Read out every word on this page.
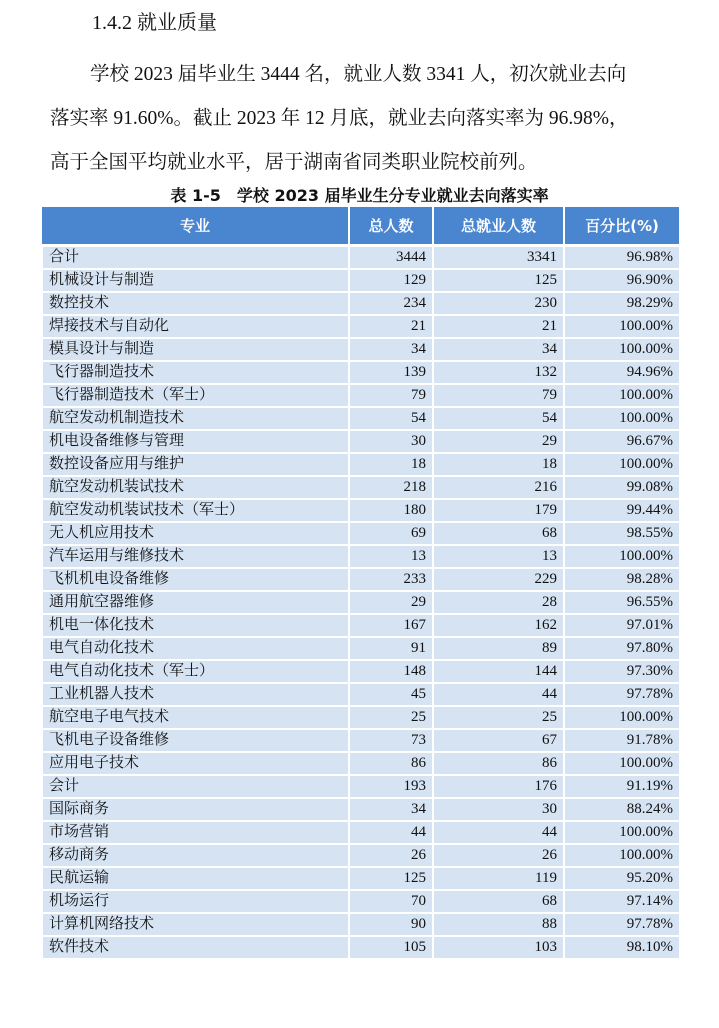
1.4.2 就业质量

学校 2023 届毕业生 3444 名，就业人数 3341 人，初次就业去向

落实率 91.60%。截止 2023 年 12 月底，就业去向落实率为 96.98%，

高于全国平均就业水平，居于湖南省同类职业院校前列。

表 1-5　学校 2023 届毕业生分专业就业去向落实率
专业	总人数	总就业人数	百分比(%)
合计	3444	3341	96.98%
机械设计与制造	129	125	96.90%
数控技术	234	230	98.29%
焊接技术与自动化	21	21	100.00%
模具设计与制造	34	34	100.00%
飞行器制造技术	139	132	94.96%
飞行器制造技术（军士）	79	79	100.00%
航空发动机制造技术	54	54	100.00%
机电设备维修与管理	30	29	96.67%
数控设备应用与维护	18	18	100.00%
航空发动机装试技术	218	216	99.08%
航空发动机装试技术（军士）	180	179	99.44%
无人机应用技术	69	68	98.55%
汽车运用与维修技术	13	13	100.00%
飞机机电设备维修	233	229	98.28%
通用航空器维修	29	28	96.55%
机电一体化技术	167	162	97.01%
电气自动化技术	91	89	97.80%
电气自动化技术（军士）	148	144	97.30%
工业机器人技术	45	44	97.78%
航空电子电气技术	25	25	100.00%
飞机电子设备维修	73	67	91.78%
应用电子技术	86	86	100.00%
会计	193	176	91.19%
国际商务	34	30	88.24%
市场营销	44	44	100.00%
移动商务	26	26	100.00%
民航运输	125	119	95.20%
机场运行	70	68	97.14%
计算机网络技术	90	88	97.78%
软件技术	105	103	98.10%
